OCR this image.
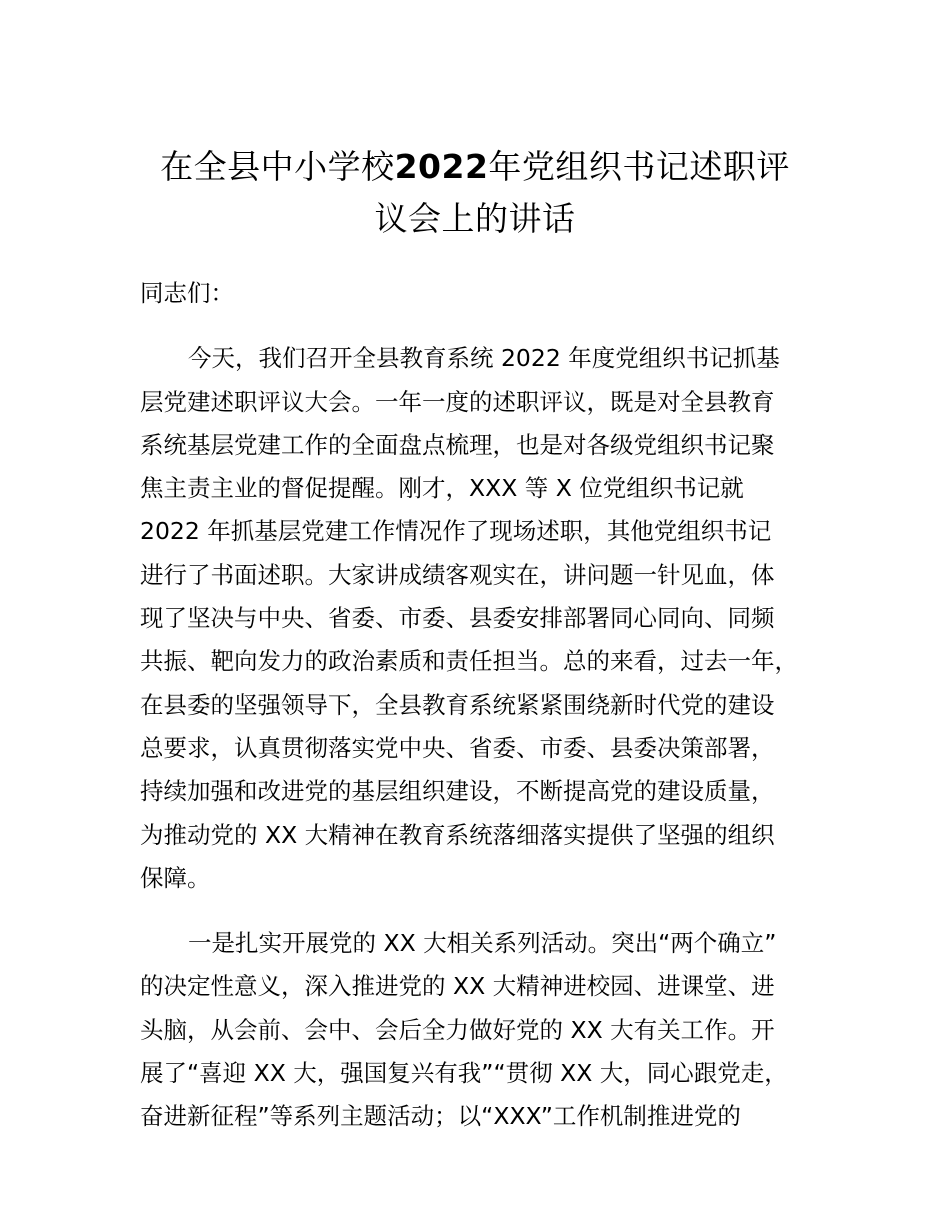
在全县中小学校2022年党组织书记述职评
议会上的讲话
同志们：
今天，我们召开全县教育系统 2022 年度党组织书记抓基
层党建述职评议大会。一年一度的述职评议，既是对全县教育
系统基层党建工作的全面盘点梳理，也是对各级党组织书记聚
焦主责主业的督促提醒。刚才，XXX 等 X 位党组织书记就
2022 年抓基层党建工作情况作了现场述职，其他党组织书记
进行了书面述职。大家讲成绩客观实在，讲问题一针见血，体
现了坚决与中央、省委、市委、县委安排部署同心同向、同频
共振、靶向发力的政治素质和责任担当。总的来看，过去一年，
在县委的坚强领导下，全县教育系统紧紧围绕新时代党的建设
总要求，认真贯彻落实党中央、省委、市委、县委决策部署，
持续加强和改进党的基层组织建设，不断提高党的建设质量，
为推动党的 XX 大精神在教育系统落细落实提供了坚强的组织
保障。
一是扎实开展党的 XX 大相关系列活动。突出“两个确立”
的决定性意义，深入推进党的 XX 大精神进校园、进课堂、进
头脑，从会前、会中、会后全力做好党的 XX 大有关工作。开
展了“喜迎 XX 大，强国复兴有我”“贯彻 XX 大，同心跟党走，
奋进新征程”等系列主题活动；以“XXX”工作机制推进党的
